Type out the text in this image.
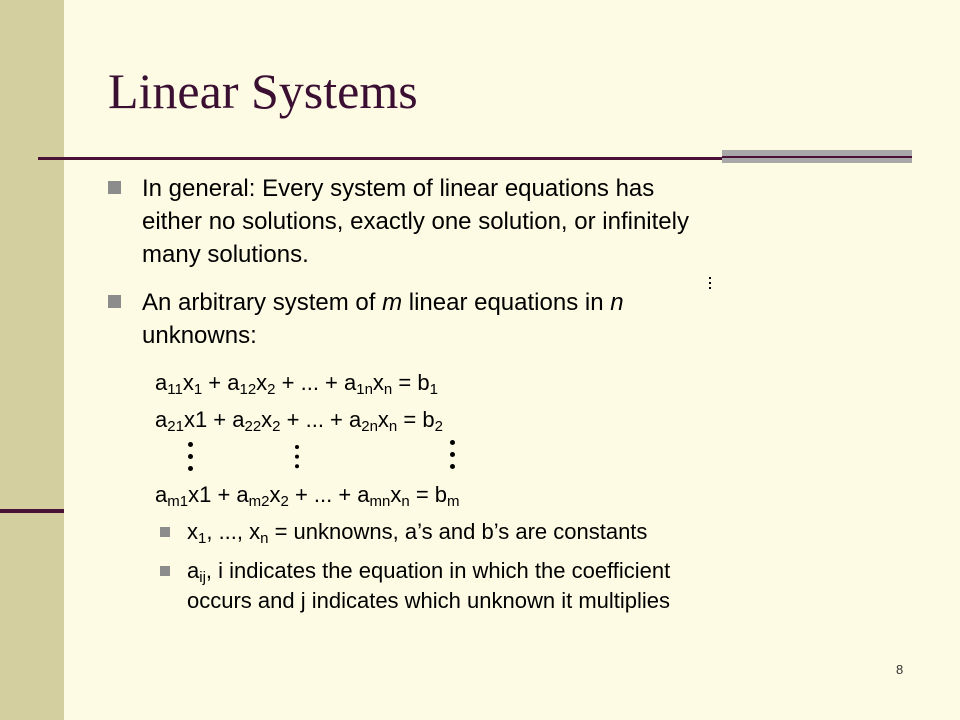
Linear Systems
In general: Every system of linear equations has
either no solutions, exactly one solution, or infinitely
many solutions.
An arbitrary system of m linear equations in n
unknowns:
$a_{11}x_1 + a_{12}x_2$ + ... + $a_{1n}x_n = b_1$
$a_{21}x1 + a_{22}x_2$ + ... + $a_{2n}x_n = b_2$
$a_{m1}x1 + a_{m2}x_2$ + ... + $a_{mn}x_n = b_m$
$x_1$, ..., $x_n$ = unknowns, a’s and b’s are constants
$a_{ij}$, i indicates the equation in which the coefficient
occurs and j indicates which unknown it multiplies
8
